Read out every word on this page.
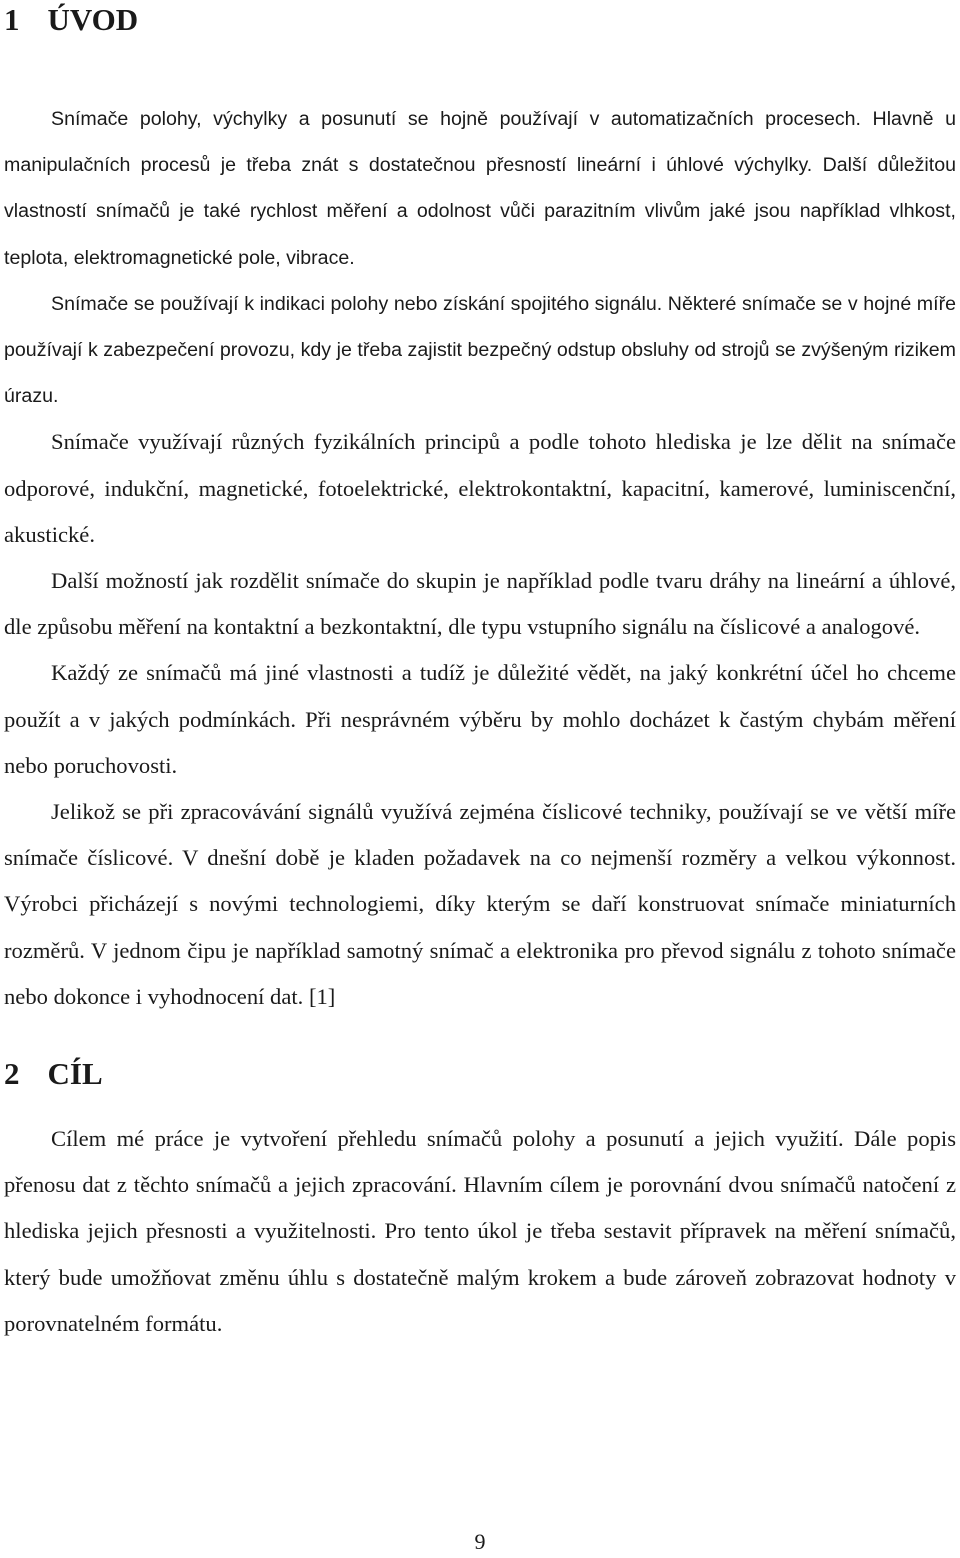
1 ÚVOD

Snímače polohy, výchylky a posunutí se hojně používají v automatizačních procesech. Hlavně u manipulačních procesů je třeba znát s dostatečnou přesností lineární i úhlové výchylky. Další důležitou vlastností snímačů je také rychlost měření a odolnost vůči parazitním vlivům jaké jsou například vlhkost, teplota, elektromagnetické pole, vibrace.

Snímače se používají k indikaci polohy nebo získání spojitého signálu. Některé snímače se v hojné míře používají k zabezpečení provozu, kdy je třeba zajistit bezpečný odstup obsluhy od strojů se zvýšeným rizikem úrazu.

Snímače využívají různých fyzikálních principů a podle tohoto hlediska je lze dělit na snímače odporové, indukční, magnetické, fotoelektrické, elektrokontaktní, kapacitní, kamerové, luminiscenční, akustické.

Další možností jak rozdělit snímače do skupin je například podle tvaru dráhy na lineární a úhlové, dle způsobu měření na kontaktní a bezkontaktní, dle typu vstupního signálu na číslicové a analogové.

Každý ze snímačů má jiné vlastnosti a tudíž je důležité vědět, na jaký konkrétní účel ho chceme použít a v jakých podmínkách. Při nesprávném výběru by mohlo docházet k častým chybám měření nebo poruchovosti.

Jelikož se při zpracovávání signálů využívá zejména číslicové techniky, používají se ve větší míře snímače číslicové. V dnešní době je kladen požadavek na co nejmenší rozměry a velkou výkonnost. Výrobci přicházejí s novými technologiemi, díky kterým se daří konstruovat snímače miniaturních rozměrů. V jednom čipu je například samotný snímač a elektronika pro převod signálu z tohoto snímače nebo dokonce i vyhodnocení dat. [1]

2 CÍL

Cílem mé práce je vytvoření přehledu snímačů polohy a posunutí a jejich využití. Dále popis přenosu dat z těchto snímačů a jejich zpracování. Hlavním cílem je porovnání dvou snímačů natočení z hlediska jejich přesnosti a využitelnosti. Pro tento úkol je třeba sestavit přípravek na měření snímačů, který bude umožňovat změnu úhlu s dostatečně malým krokem a bude zároveň zobrazovat hodnoty v porovnatelném formátu.

9
